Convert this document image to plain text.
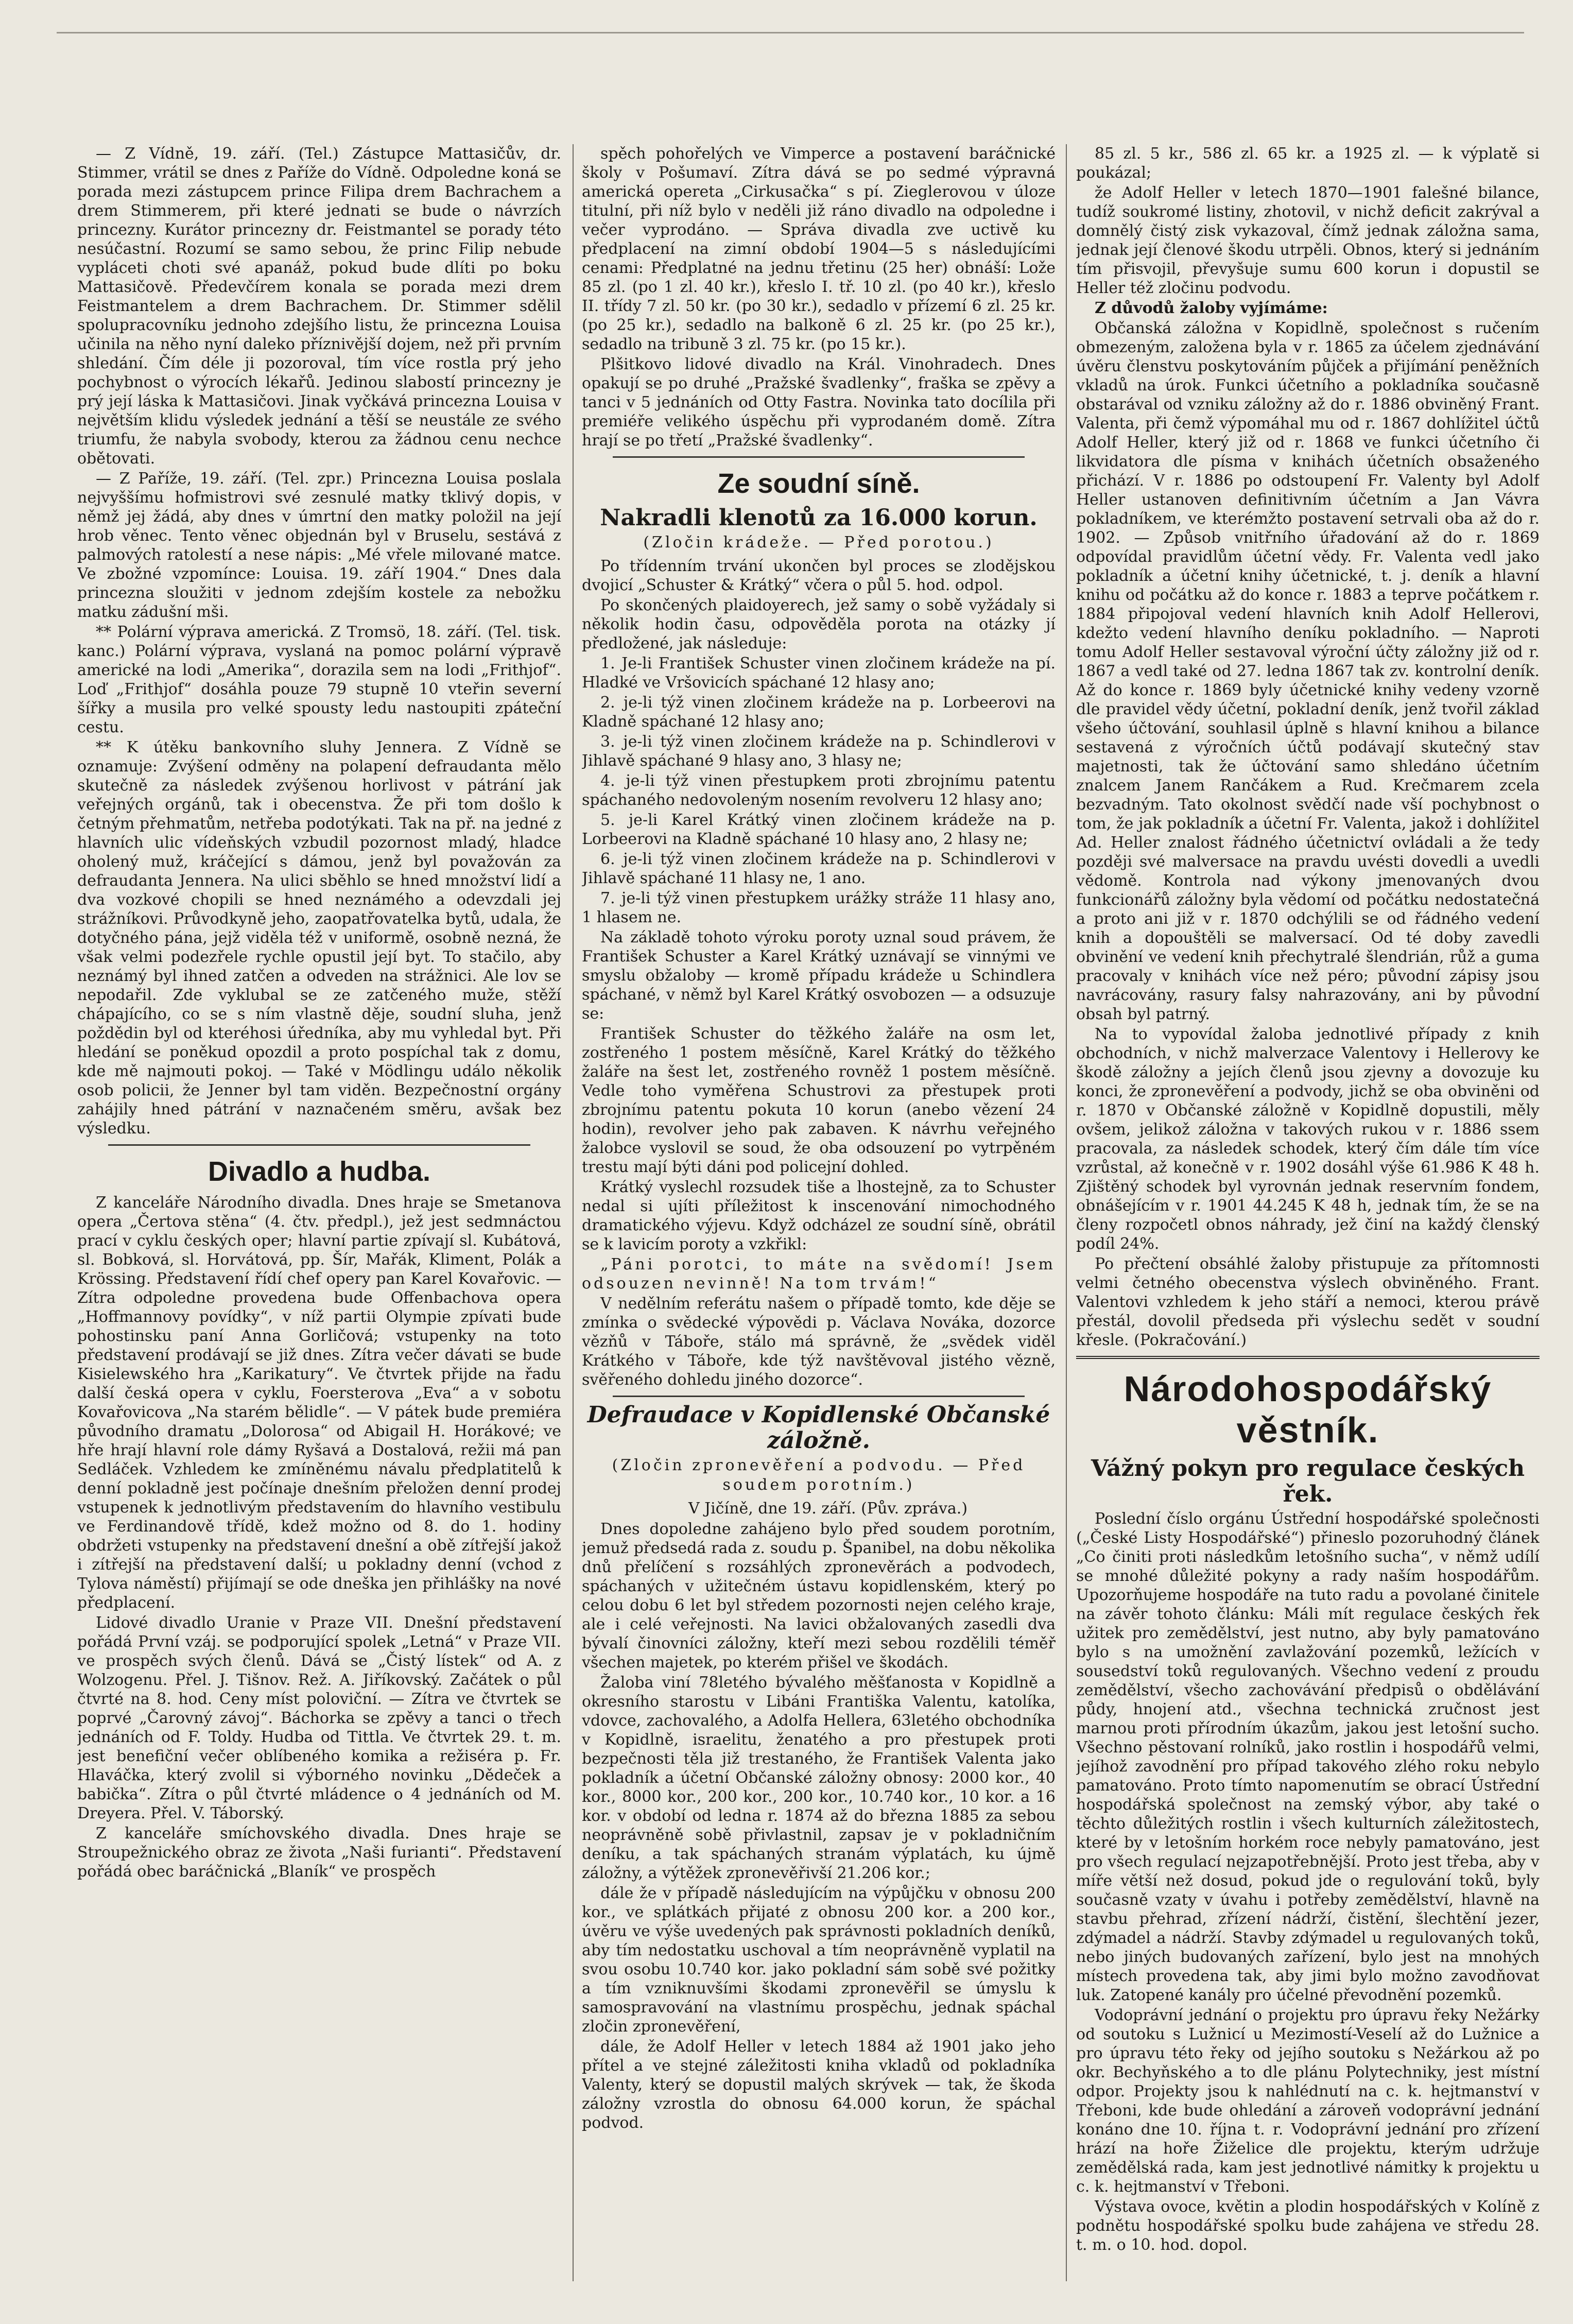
— Z Vídně, 19. září. (Tel.) Zástupce Mattasičův, dr. Stimmer, vrátil se dnes z Paříže do Vídně. Odpoledne koná se porada mezi zástupcem prince Filipa drem Bachrachem a drem Stimmerem, při které jednati se bude o návrzích princezny. Kurátor princezny dr. Feistmantel se porady této nesúčastní. Rozumí se samo sebou, že princ Filip nebude vypláceti choti své apanáž, pokud bude dlíti po boku Mattasičově. Předevčírem konala se porada mezi drem Feistmantelem a drem Bachrachem. Dr. Stimmer sdělil spolupracovníku jednoho zdejšího listu, že princezna Louisa učinila na něho nyní daleko příznivější dojem, než při prvním shledání. Čím déle ji pozoroval, tím více rostla prý jeho pochybnost o výrocích lékařů. Jedinou slabostí princezny je prý její láska k Mattasičovi. Jinak vyčkává princezna Louisa v největším klidu výsledek jednání a těší se neustále ze svého triumfu, že nabyla svobody, kterou za žádnou cenu nechce obětovati.

— Z Paříže, 19. září. (Tel. zpr.) Princezna Louisa poslala nejvyššímu hofmistrovi své zesnulé matky tklivý dopis, v němž jej žádá, aby dnes v úmrtní den matky položil na její hrob věnec. Tento věnec objednán byl v Bruselu, sestává z palmových ratolestí a nese nápis: „Mé vřele milované matce. Ve zbožné vzpomínce: Louisa. 19. září 1904.“ Dnes dala princezna sloužiti v jednom zdejším kostele za nebožku matku zádušní mši.

** Polární výprava americká. Z Tromsö, 18. září. (Tel. tisk. kanc.) Polární výprava, vyslaná na pomoc polární výpravě americké na lodi „Amerika“, dorazila sem na lodi „Frithjof“. Loď „Frithjof“ dosáhla pouze 79 stupně 10 vteřin severní šířky a musila pro velké spousty ledu nastoupiti zpáteční cestu.

** K útěku bankovního sluhy Jennera. Z Vídně se oznamuje: Zvýšení odměny na polapení defraudanta mělo skutečně za následek zvýšenou horlivost v pátrání jak veřejných orgánů, tak i obecenstva. Že při tom došlo k četným přehmatům, netřeba podotýkati. Tak na př. na jedné z hlavních ulic vídeňských vzbudil pozornost mladý, hladce oholený muž, kráčející s dámou, jenž byl považován za defraudanta Jennera. Na ulici sběhlo se hned množství lidí a dva vozkové chopili se hned neznámého a odevzdali jej strážníkovi. Průvodkyně jeho, zaopatřovatelka bytů, udala, že dotyčného pána, jejž viděla též v uniformě, osobně nezná, že však velmi podezřele rychle opustil její byt. To stačilo, aby neznámý byl ihned zatčen a odveden na strážnici. Ale lov se nepodařil. Zde vyklubal se ze zatčeného muže, stěží chápajícího, co se s ním vlastně děje, soudní sluha, jenž poždědin byl od kteréhosi úředníka, aby mu vyhledal byt. Při hledání se poněkud opozdil a proto pospíchal tak z domu, kde mě najmouti pokoj. — Také v Mödlingu událo několik osob policii, že Jenner byl tam viděn. Bezpečnostní orgány zahájily hned pátrání v naznačeném směru, avšak bez výsledku.

Divadlo a hudba.

Z kanceláře Národního divadla. Dnes hraje se Smetanova opera „Čertova stěna“ (4. čtv. předpl.), jež jest sedmnáctou prací v cyklu českých oper; hlavní partie zpívají sl. Kubátová, sl. Bobková, sl. Horvátová, pp. Šír, Mařák, Kliment, Polák a Krössing. Představení řídí chef opery pan Karel Kovařovic. — Zítra odpoledne provedena bude Offenbachova opera „Hoffmannovy povídky“, v níž partii Olympie zpívati bude pohostinsku paní Anna Gorličová; vstupenky na toto představení prodávají se již dnes. Zítra večer dávati se bude Kisielewského hra „Karikatury“. Ve čtvrtek přijde na řadu další česká opera v cyklu, Foersterova „Eva“ a v sobotu Kovařovicova „Na starém bělidle“. — V pátek bude premiéra původního dramatu „Dolorosa“ od Abigail H. Horákové; ve hře hrají hlavní role dámy Ryšavá a Dostalová, režii má pan Sedláček. Vzhledem ke zmíněnému návalu předplatitelů k denní pokladně jest počínaje dnešním přeložen denní prodej vstupenek k jednotlivým představením do hlavního vestibulu ve Ferdinandově třídě, kdež možno od 8. do 1. hodiny obdržeti vstupenky na představení dnešní a obě zítřejší jakož i zítřejší na představení další; u pokladny denní (vchod z Tylova náměstí) přijímají se ode dneška jen přihlášky na nové předplacení.

Lidové divadlo Uranie v Praze VII. Dnešní představení pořádá První vzáj. se podporující spolek „Letná“ v Praze VII. ve prospěch svých členů. Dává se „Čistý lístek“ od A. z Wolzogenu. Přel. J. Tišnov. Rež. A. Jiříkovský. Začátek o půl čtvrté na 8. hod. Ceny míst poloviční. — Zítra ve čtvrtek se poprvé „Čarovný závoj“. Báchorka se zpěvy a tanci o třech jednáních od F. Toldy. Hudba od Tittla. Ve čtvrtek 29. t. m. jest benefiční večer oblíbeného komika a režiséra p. Fr. Hlaváčka, který zvolil si výborného novinku „Dědeček a babička“. Zítra o půl čtvrté mládence o 4 jednáních od M. Dreyera. Přel. V. Táborský.

Z kanceláře smíchovského divadla. Dnes hraje se Stroupežnického obraz ze života „Naši furianti“. Představení pořádá obec baráčnická „Blaník“ ve prospěch

spěch pohořelých ve Vimperce a postavení baráčnické školy v Pošumaví. Zítra dává se po sedmé výpravná americká opereta „Cirkusačka“ s pí. Zieglerovou v úloze titulní, při níž bylo v neděli již ráno divadlo na odpoledne i večer vyprodáno. — Správa divadla zve uctivě ku předplacení na zimní období 1904—5 s následujícími cenami: Předplatné na jednu třetinu (25 her) obnáší: Lože 85 zl. (po 1 zl. 40 kr.), křeslo I. tř. 10 zl. (po 40 kr.), křeslo II. třídy 7 zl. 50 kr. (po 30 kr.), sedadlo v přízemí 6 zl. 25 kr. (po 25 kr.), sedadlo na balkoně 6 zl. 25 kr. (po 25 kr.), sedadlo na tribuně 3 zl. 75 kr. (po 15 kr.).

Plšitkovo lidové divadlo na Král. Vinohradech. Dnes opakují se po druhé „Pražské švadlenky“, fraška se zpěvy a tanci v 5 jednáních od Otty Fastra. Novinka tato docílila při premiéře velikého úspěchu při vyprodaném domě. Zítra hrají se po třetí „Pražské švadlenky“.

Ze soudní síně.
Nakradli klenotů za 16.000 korun.
(Zločin krádeže. — Před porotou.)

Po třídenním trvání ukončen byl proces se zlodějskou dvojicí „Schuster & Krátký“ včera o půl 5. hod. odpol.

Po skončených plaidoyerech, jež samy o sobě vyžádaly si několik hodin času, odpověděla porota na otázky jí předložené, jak následuje:

1. Je-li František Schuster vinen zločinem krádeže na pí. Hladké ve Vršovicích spáchané 12 hlasy ano;

2. je-li týž vinen zločinem krádeže na p. Lorbeerovi na Kladně spáchané 12 hlasy ano;

3. je-li týž vinen zločinem krádeže na p. Schindlerovi v Jihlavě spáchané 9 hlasy ano, 3 hlasy ne;

4. je-li týž vinen přestupkem proti zbrojnímu patentu spáchaného nedovoleným nosením revolveru 12 hlasy ano;

5. je-li Karel Krátký vinen zločinem krádeže na p. Lorbeerovi na Kladně spáchané 10 hlasy ano, 2 hlasy ne;

6. je-li týž vinen zločinem krádeže na p. Schindlerovi v Jihlavě spáchané 11 hlasy ne, 1 ano.

7. je-li týž vinen přestupkem urážky stráže 11 hlasy ano, 1 hlasem ne.

Na základě tohoto výroku poroty uznal soud právem, že František Schuster a Karel Krátký uznávají se vinnými ve smyslu obžaloby — kromě případu krádeže u Schindlera spáchané, v němž byl Karel Krátký osvobozen — a odsuzuje se:

František Schuster do těžkého žaláře na osm let, zostřeného 1 postem měsíčně, Karel Krátký do těžkého žaláře na šest let, zostřeného rovněž 1 postem měsíčně. Vedle toho vyměřena Schustrovi za přestupek proti zbrojnímu patentu pokuta 10 korun (anebo vězení 24 hodin), revolver jeho pak zabaven. K návrhu veřejného žalobce vyslovil se soud, že oba odsouzení po vytrpěném trestu mají býti dáni pod policejní dohled.

Krátký vyslechl rozsudek tiše a lhostejně, za to Schuster nedal si ujíti příležitost k inscenování nimochodného dramatického výjevu. Když odcházel ze soudní síně, obrátil se k lavicím poroty a vzkřikl:

„Páni porotci, to máte na svědomí! Jsem odsouzen nevinně! Na tom trvám!“

V nedělním referátu našem o případě tomto, kde děje se zmínka o svědecké výpovědi p. Václava Nováka, dozorce vězňů v Táboře, stálo má správně, že „svědek viděl Krátkého v Táboře, kde týž navštěvoval jistého vězně, svěřeného dohledu jiného dozorce“.

Defraudace v Kopidlenské Občanské záložně.
(Zločin zpronevěření a podvodu. — Před soudem porotním.)

V Jičíně, dne 19. září. (Pův. zpráva.)

Dnes dopoledne zahájeno bylo před soudem porotním, jemuž předsedá rada z. soudu p. Španibel, na dobu několika dnů přelíčení s rozsáhlých zpronevěrách a podvodech, spáchaných v užitečném ústavu kopidlenském, který po celou dobu 6 let byl středem pozornosti nejen celého kraje, ale i celé veřejnosti. Na lavici obžalovaných zasedli dva bývalí činovníci záložny, kteří mezi sebou rozdělili téměř všechen majetek, po kterém přišel ve škodách.

Žaloba viní 78letého bývalého měšťanosta v Kopidlně a okresního starostu v Libáni Františka Valentu, katolíka, vdovce, zachovalého, a Adolfa Hellera, 63letého obchodníka v Kopidlně, israelitu, ženatého a pro přestupek proti bezpečnosti těla již trestaného, že František Valenta jako pokladník a účetní Občanské záložny obnosy: 2000 kor., 40 kor., 8000 kor., 200 kor., 200 kor., 10.740 kor., 10 kor. a 16 kor. v období od ledna r. 1874 až do března 1885 za sebou neoprávněně sobě přivlastnil, zapsav je v pokladničním deníku, a tak spáchaných stranám výplatách, ku újmě záložny, a výtěžek zpronevěřivší 21.206 kor.;

dále že v případě následujícím na výpůjčku v obnosu 200 kor., ve splátkách přijaté z obnosu 200 kor. a 200 kor., úvěru ve výše uvedených pak správnosti pokladních deníků, aby tím nedostatku uschoval a tím neoprávněně vyplatil na svou osobu 10.740 kor. jako pokladní sám sobě své požitky a tím vzniknuvšími škodami zpronevěřil se úmyslu k samospravování na vlastnímu prospěchu, jednak spáchal zločin zpronevěření,

dále, že Adolf Heller v letech 1884 až 1901 jako jeho přítel a ve stejné záležitosti kniha vkladů od pokladníka Valenty, který se dopustil malých skrývek — tak, že škoda záložny vzrostla do obnosu 64.000 korun, že spáchal podvod.

85 zl. 5 kr., 586 zl. 65 kr. a 1925 zl. — k výplatě si poukázal;

že Adolf Heller v letech 1870—1901 falešné bilance, tudíž soukromé listiny, zhotovil, v nichž deficit zakrýval a domnělý čistý zisk vykazoval, čímž jednak záložna sama, jednak její členové škodu utrpěli. Obnos, který si jednáním tím přisvojil, převyšuje sumu 600 korun i dopustil se Heller též zločinu podvodu.

Z důvodů žaloby vyjímáme:

Občanská záložna v Kopidlně, společnost s ručením obmezeným, založena byla v r. 1865 za účelem zjednávání úvěru členstvu poskytováním půjček a přijímání peněžních vkladů na úrok. Funkci účetního a pokladníka současně obstarával od vzniku záložny až do r. 1886 obviněný Frant. Valenta, při čemž výpomáhal mu od r. 1867 dohlížitel účtů Adolf Heller, který již od r. 1868 ve funkci účetního či likvidatora dle písma v knihách účetních obsaženého přichází. V r. 1886 po odstoupení Fr. Valenty byl Adolf Heller ustanoven definitivním účetním a Jan Vávra pokladníkem, ve kterémžto postavení setrvali oba až do r. 1902. — Způsob vnitřního úřadování až do r. 1869 odpovídal pravidlům účetní vědy. Fr. Valenta vedl jako pokladník a účetní knihy účetnické, t. j. deník a hlavní knihu od počátku až do konce r. 1883 a teprve počátkem r. 1884 připojoval vedení hlavních knih Adolf Hellerovi, kdežto vedení hlavního deníku pokladního. — Naproti tomu Adolf Heller sestavoval výroční účty záložny již od r. 1867 a vedl také od 27. ledna 1867 tak zv. kontrolní deník. Až do konce r. 1869 byly účetnické knihy vedeny vzorně dle pravidel vědy účetní, pokladní deník, jenž tvořil základ všeho účtování, souhlasil úplně s hlavní knihou a bilance sestavená z výročních účtů podávají skutečný stav majetnosti, tak že účtování samo shledáno účetním znalcem Janem Rančákem a Rud. Krečmarem zcela bezvadným. Tato okolnost svědčí nade vší pochybnost o tom, že jak pokladník a účetní Fr. Valenta, jakož i dohlížitel Ad. Heller znalost řádného účetnictví ovládali a že tedy později své malversace na pravdu uvésti dovedli a uvedli vědomě. Kontrola nad výkony jmenovaných dvou funkcionářů záložny byla vědomí od počátku nedostatečná a proto ani již v r. 1870 odchýlili se od řádného vedení knih a dopouštěli se malversací. Od té doby zavedli obvinění ve vedení knih přechytralé šlendrián, růž a guma pracovaly v knihách více než péro; původní zápisy jsou navrácovány, rasury falsy nahrazovány, ani by původní obsah byl patrný.

Na to vypovídal žaloba jednotlivé případy z knih obchodních, v nichž malverzace Valentovy i Hellerovy ke škodě záložny a jejích členů jsou zjevny a dovozuje ku konci, že zpronevěření a podvody, jichž se oba obviněni od r. 1870 v Občanské záložně v Kopidlně dopustili, měly ovšem, jelikož záložna v takových rukou v r. 1886 ssem pracovala, za následek schodek, který čím dále tím více vzrůstal, až konečně v r. 1902 dosáhl výše 61.986 K 48 h. Zjištěný schodek byl vyrovnán jednak reservním fondem, obnášejícím v r. 1901 44.245 K 48 h, jednak tím, že se na členy rozpočetl obnos náhrady, jež činí na každý členský podíl 24%.

Po přečtení obsáhlé žaloby přistupuje za přítomnosti velmi četného obecenstva výslech obviněného. Frant. Valentovi vzhledem k jeho stáří a nemoci, kterou právě přestál, dovolil předseda při výslechu sedět v soudní křesle. (Pokračování.)

Národohospodářský věstník.
Vážný pokyn pro regulace českých řek.

Poslední číslo orgánu Ústřední hospodářské společnosti („České Listy Hospodářské“) přineslo pozoruhodný článek „Co činiti proti následkům letošního sucha“, v němž udílí se mnohé důležité pokyny a rady naším hospodářům. Upozorňujeme hospodáře na tuto radu a povolané činitele na závěr tohoto článku: Máli mít regulace českých řek užitek pro zemědělství, jest nutno, aby byly pamatováno bylo s na umožnění zavlažování pozemků, ležících v sousedství toků regulovaných. Všechno vedení z proudu zemědělství, všecho zachovávání předpisů o obdělávání půdy, hnojení atd., všechna technická zručnost jest marnou proti přírodním úkazům, jakou jest letošní sucho. Všechno pěstovaní rolníků, jako rostlin i hospodářů velmi, jejíhož zavodnění pro případ takového zlého roku nebylo pamatováno. Proto tímto napomenutím se obrací Ústřední hospodářská společnost na zemský výbor, aby také o těchto důležitých rostlin i všech kulturních záležitostech, které by v letošním horkém roce nebyly pamatováno, jest pro všech regulací nejzapotřebnější. Proto jest třeba, aby v míře větší než dosud, pokud jde o regulování toků, byly současně vzaty v úvahu i potřeby zemědělství, hlavně na stavbu přehrad, zřízení nádrží, čistění, šlechtění jezer, zdýmadel a nádrží. Stavby zdýmadel u regulovaných toků, nebo jiných budovaných zařízení, bylo jest na mnohých místech provedena tak, aby jimi bylo možno zavodňovat luk. Zatopené kanály pro účelné převodnění pozemků.

Vodoprávní jednání o projektu pro úpravu řeky Nežárky od soutoku s Lužnicí u Mezimostí-Veselí až do Lužnice a pro úpravu této řeky od jejího soutoku s Nežárkou až po okr. Bechyňského a to dle plánu Polytechniky, jest místní odpor. Projekty jsou k nahlédnutí na c. k. hejtmanství v Třeboni, kde bude ohledání a zároveň vodoprávní jednání konáno dne 10. října t. r. Vodoprávní jednání pro zřízení hrází na hoře Žiželice dle projektu, kterým udržuje zemědělská rada, kam jest jednotlivé námitky k projektu u c. k. hejtmanství v Třeboni.

Výstava ovoce, květin a plodin hospodářských v Kolíně z podnětu hospodářské spolku bude zahájena ve středu 28. t. m. o 10. hod. dopol.
